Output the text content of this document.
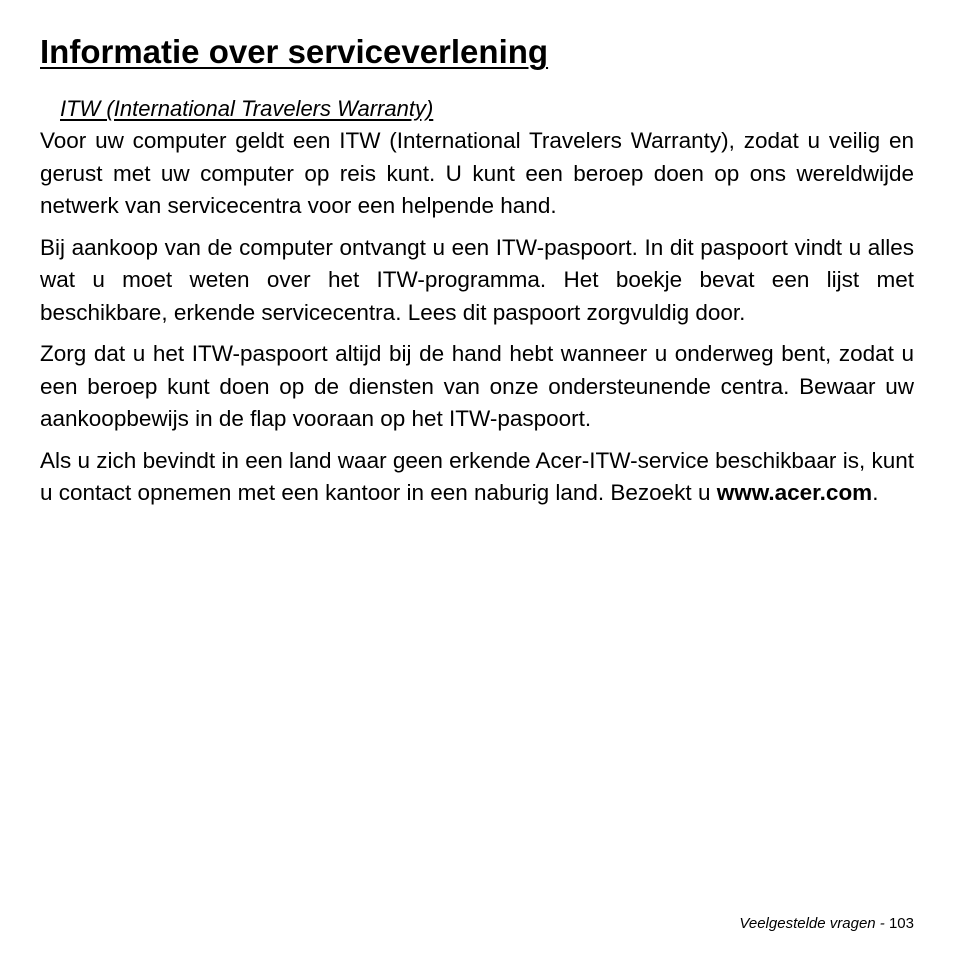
Informatie over serviceverlening
ITW (International Travelers Warranty)

Voor uw computer geldt een ITW (International Travelers Warranty), zodat u veilig en gerust met uw computer op reis kunt. U kunt een beroep doen op ons wereldwijde netwerk van servicecentra voor een helpende hand.

Bij aankoop van de computer ontvangt u een ITW-paspoort. In dit paspoort vindt u alles wat u moet weten over het ITW-programma. Het boekje bevat een lijst met beschikbare, erkende servicecentra. Lees dit paspoort zorgvuldig door.

Zorg dat u het ITW-paspoort altijd bij de hand hebt wanneer u onderweg bent, zodat u een beroep kunt doen op de diensten van onze ondersteunende centra. Bewaar uw aankoopbewijs in de flap vooraan op het ITW-paspoort.

Als u zich bevindt in een land waar geen erkende Acer-ITW-service beschikbaar is, kunt u contact opnemen met een kantoor in een naburig land. Bezoekt u www.acer.com.

Veelgestelde vragen - 103
